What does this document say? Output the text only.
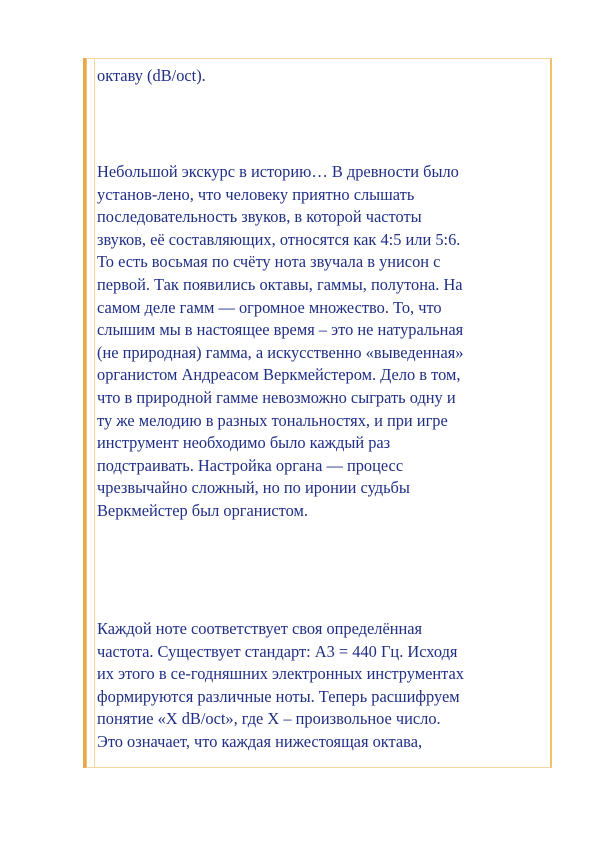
октаву (dB/oct).
Небольшой экскурс в историю… В древности было
установ-лено, что человеку приятно слышать
последовательность звуков, в которой частоты
звуков, её составляющих, относятся как 4:5 или 5:6.
То есть восьмая по счёту нота звучала в унисон с
первой. Так появились октавы, гаммы, полутона. На
самом деле гамм — огромное множество. То, что
слышим мы в настоящее время – это не натуральная
(не природная) гамма, а искусственно «выведенная»
органистом Андреасом Веркмейстером. Дело в том,
что в природной гамме невозможно сыграть одну и
ту же мелодию в разных тональностях, и при игре
инструмент необходимо было каждый раз
подстраивать. Настройка органа — процесс
чрезвычайно сложный, но по иронии судьбы
Веркмейстер был органистом.
Каждой ноте соответствует своя определённая
частота. Существует стандарт: A3 = 440 Гц. Исходя
их этого в се-годняшних электронных инструментах
формируются различные ноты. Теперь расшифруем
понятие «X dB/oct», где X – произвольное число.
Это означает, что каждая нижестоящая октава,
